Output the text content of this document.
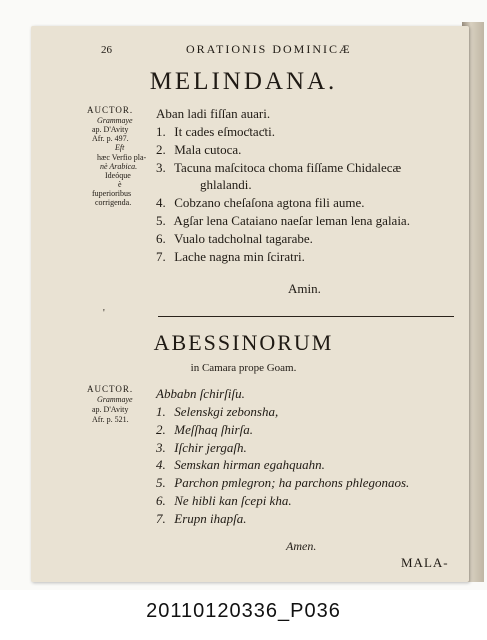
26	ORATIONIS DOMINICÆ
MELINDANA.
AUCTOR.
Grammaye
ap. D'Avity
Afr. p. 497.
Eft
hæc Verfio pla-
nè Arabica.
Ideóque
è
fuperioribus
corrigenda.
Aban ladi fiſſan auari.
1. It cades eſmoƈtaƈti.
2. Mala cutoca.
3. Tacuna maſcitoca choma fiſſame Chidalecæ
ghlalandi.
4. Cobzano cheſaſona agtona fili aume.
5. Agſar lena Cataiano naeſar leman lena galaia.
6. Vualo tadcholnal tagarabe.
7. Lache nagna min ſciratri.
Amin.
'
ABESSINORUM
in Camara prope Goam.
AUCTOR.
Grammaye
ap. D'Avity
Afr. p. 521.
Abbabn ſchirſiſu.
1. Selenskgi zebonsha,
2. Meſſhaq ſhirſa.
3. Iſchir jergaſh.
4. Semskan hirman egahquahn.
5. Parchon pmlegron; ha parchons phlegonaos.
6. Ne hibli kan ſcepi kha.
7. Erupn ihapſa.
Amen.
MALA-
20110120336_P036
